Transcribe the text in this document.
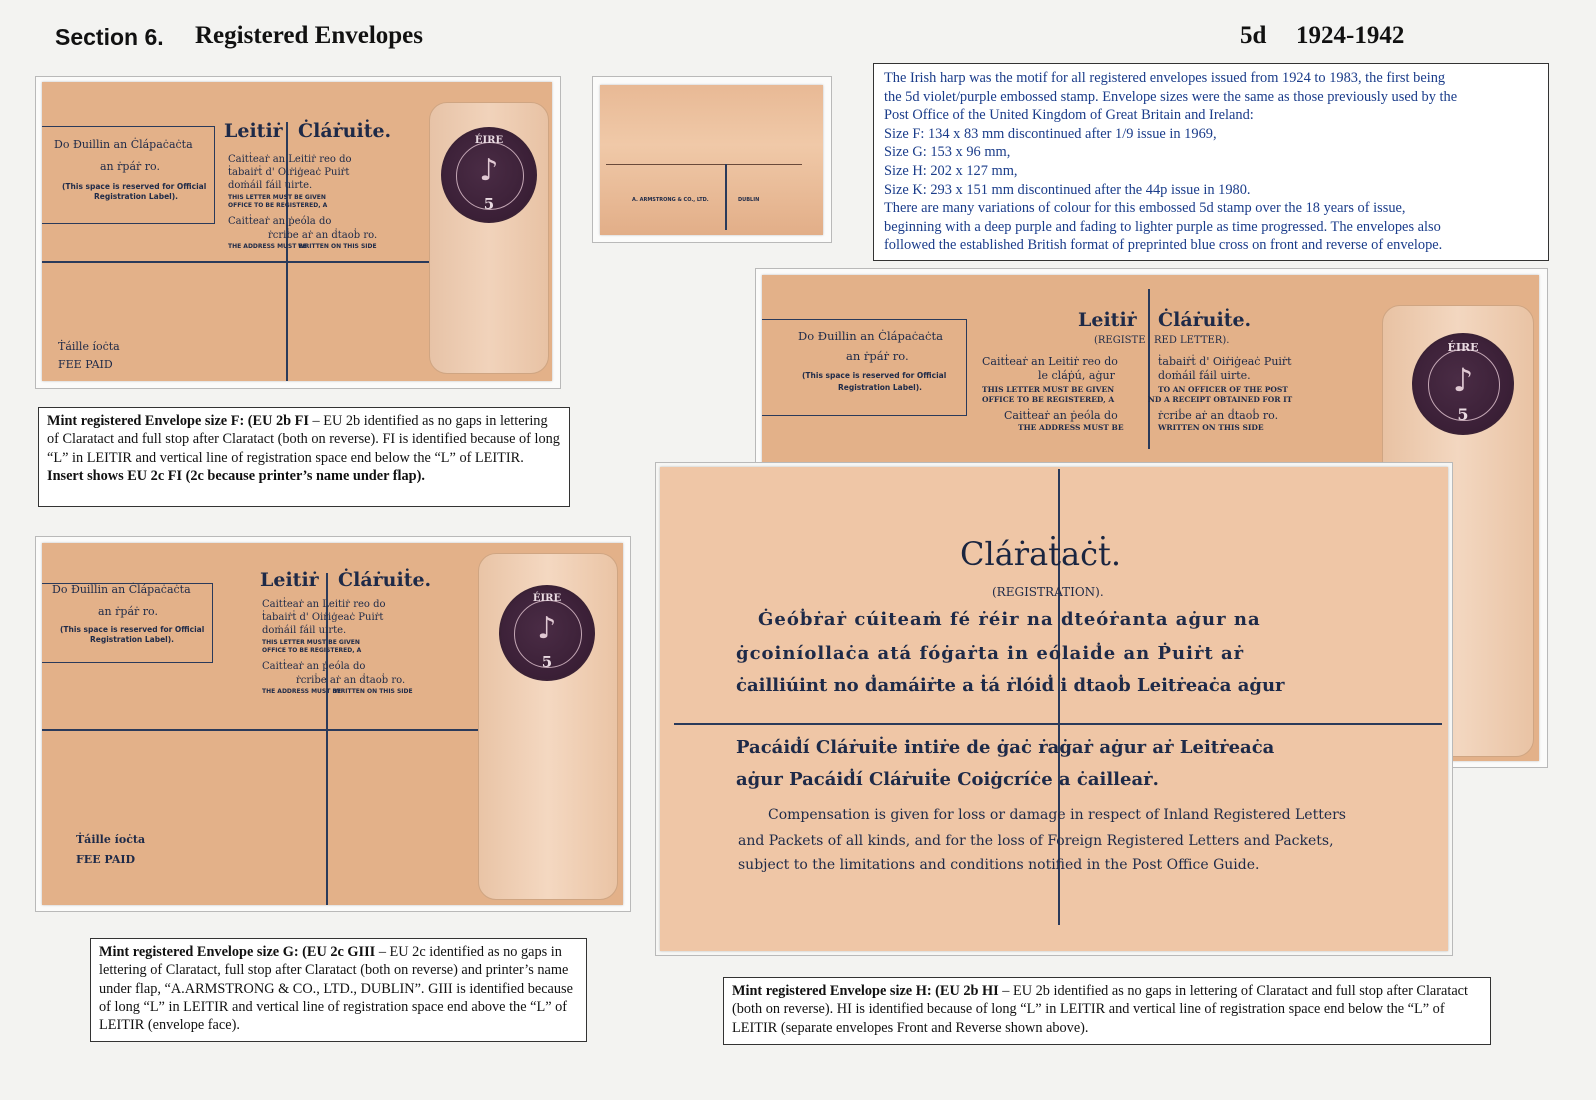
Section 6. Registered Envelopes	5d 1924-1942

The Irish harp was the motif for all registered envelopes issued from 1924 to 1983, the first being

the 5d violet/purple embossed stamp. Envelope sizes were the same as those previously used by the

Post Office of the United Kingdom of Great Britain and Ireland:

Size F: 134 x 83 mm discontinued after 1/9 issue in 1969,

Size G: 153 x 96 mm,

Size H: 202 x 127 mm,

Size K: 293 x 151 mm discontinued after the 44p issue in 1980.

There are many variations of colour for this embossed 5d stamp over the 18 years of issue,

beginning with a deep purple and fading to lighter purple as time progressed. The envelopes also

followed the established British format of preprinted blue cross on front and reverse of envelope.

Do Ɖuillin an Ċlápaċaċta
an ṙpáṙ ro.
(This space is reserved for Official
Registration Label).
Leitiṙ Ċláṙuiṫe.
Caitṫeaṙ an Leitiṙ reo do
ṫabaiṙṫ d' Oiṙiġeaċ Puiṙt
doṁáil fáil uirte.
THIS LETTER MUST BE GIVEN
OFFICE TO BE REGISTERED, A
Caitṫeaṙ an ṗeóla do
ṙcriḃe aṙ an ḋtaoḃ ro.
THE ADDRESS MUST BE
WRITTEN ON THIS SIDE
Ṫáille íoċta
FEE PAID
ÉIRE
♪
5	A. ARMSTRONG & CO., LTD.	DUBLIN
Mint registered Envelope size F: (EU 2b FI – EU 2b identified as no gaps in lettering of Claratact and full stop after Claratact (both on reverse). FI is identified because of long “L” in LEITIR and vertical line of registration space end below the “L” of LEITIR. Insert shows EU 2c FI (2c because printer’s name under flap).
Do Ɖuillin an Ċlápaċaċta
an ṙpáṙ ro.
(This space is reserved for Official
Registration Label).
Leitiṙ Ċláṙuiṫe.
Caitṫeaṙ an Leitiṙ reo do
ṫabaiṙṫ d' Oiṙiġeaċ Puiṙt
doṁáil fáil uirte.
THIS LETTER MUST BE GIVEN
OFFICE TO BE REGISTERED, A
Caitṫeaṙ an ṗeóla do
ṙcriḃe aṙ an ḋtaoḃ ro.
THE ADDRESS MUST BE
WRITTEN ON THIS SIDE
Ṫáille íoċta
FEE PAID
ÉIRE
♪
5
Mint registered Envelope size G: (EU 2c GIII – EU 2c identified as no gaps in lettering of Claratact, full stop after Claratact (both on reverse) and printer’s name under flap, “A.ARMSTRONG & CO., LTD., DUBLIN”. GIII is identified because of long “L” in LEITIR and vertical line of registration space end above the “L” of LEITIR (envelope face).
Do Ɖuillin an Ċlápaċaċta
an ṙpáṙ ro.
(This space is reserved for Official
Registration Label).
Leitiṙ Ċláṙuiṫe.
(REGISTE RED LETTER).
Caitṫeaṙ an Leitiṙ reo do
le cláṗú, aġur
ṫabaiṙṫ d' Oiṙiġeaċ Puiṙt
doṁáil fáil uirte.
THIS LETTER MUST BE GIVEN	TO AN OFFICER OF THE POST
OFFICE TO BE REGISTERED, A	ND A RECEIPT OBTAINED FOR IT
Caitṫeaṙ an ṗeóla do	ṙcriḃe aṙ an ḋtaoḃ ro.
THE ADDRESS MUST BE	WRITTEN ON THIS SIDE
ÉIRE
♪
5
Cláṙaṫaċṫ.
(REGISTRATION).
Ġeóḃṙaṙ cúiteaṁ fé ṙéir na dteóṙanta aġur na
ġcoiníollaċa atá fóġaṙta in eólaiḋe an Ṗuiṙt aṙ
ċailliúint no ḋamáiṙte a ṫá ṙlóiḋ i dtaoḃ Leitṙeaċa aġur
Pacáiḋí Cláṙuiṫe intiṙe de ġaċ ṙaġaṙ aġur aṙ Leitṙeaċa
aġur Pacáiḋí Cláṙuiṫe Coiġcríċe a ċailleaṙ.
Compensation is given for loss or damage in respect of Inland Registered Letters
and Packets of all kinds, and for the loss of Foreign Registered Letters and Packets,
subject to the limitations and conditions notified in the Post Office Guide.
Mint registered Envelope size H: (EU 2b HI – EU 2b identified as no gaps in lettering of Claratact and full stop after Claratact (both on reverse). HI is identified because of long “L” in LEITIR and vertical line of registration space end below the “L” of LEITIR (separate envelopes Front and Reverse shown above).
